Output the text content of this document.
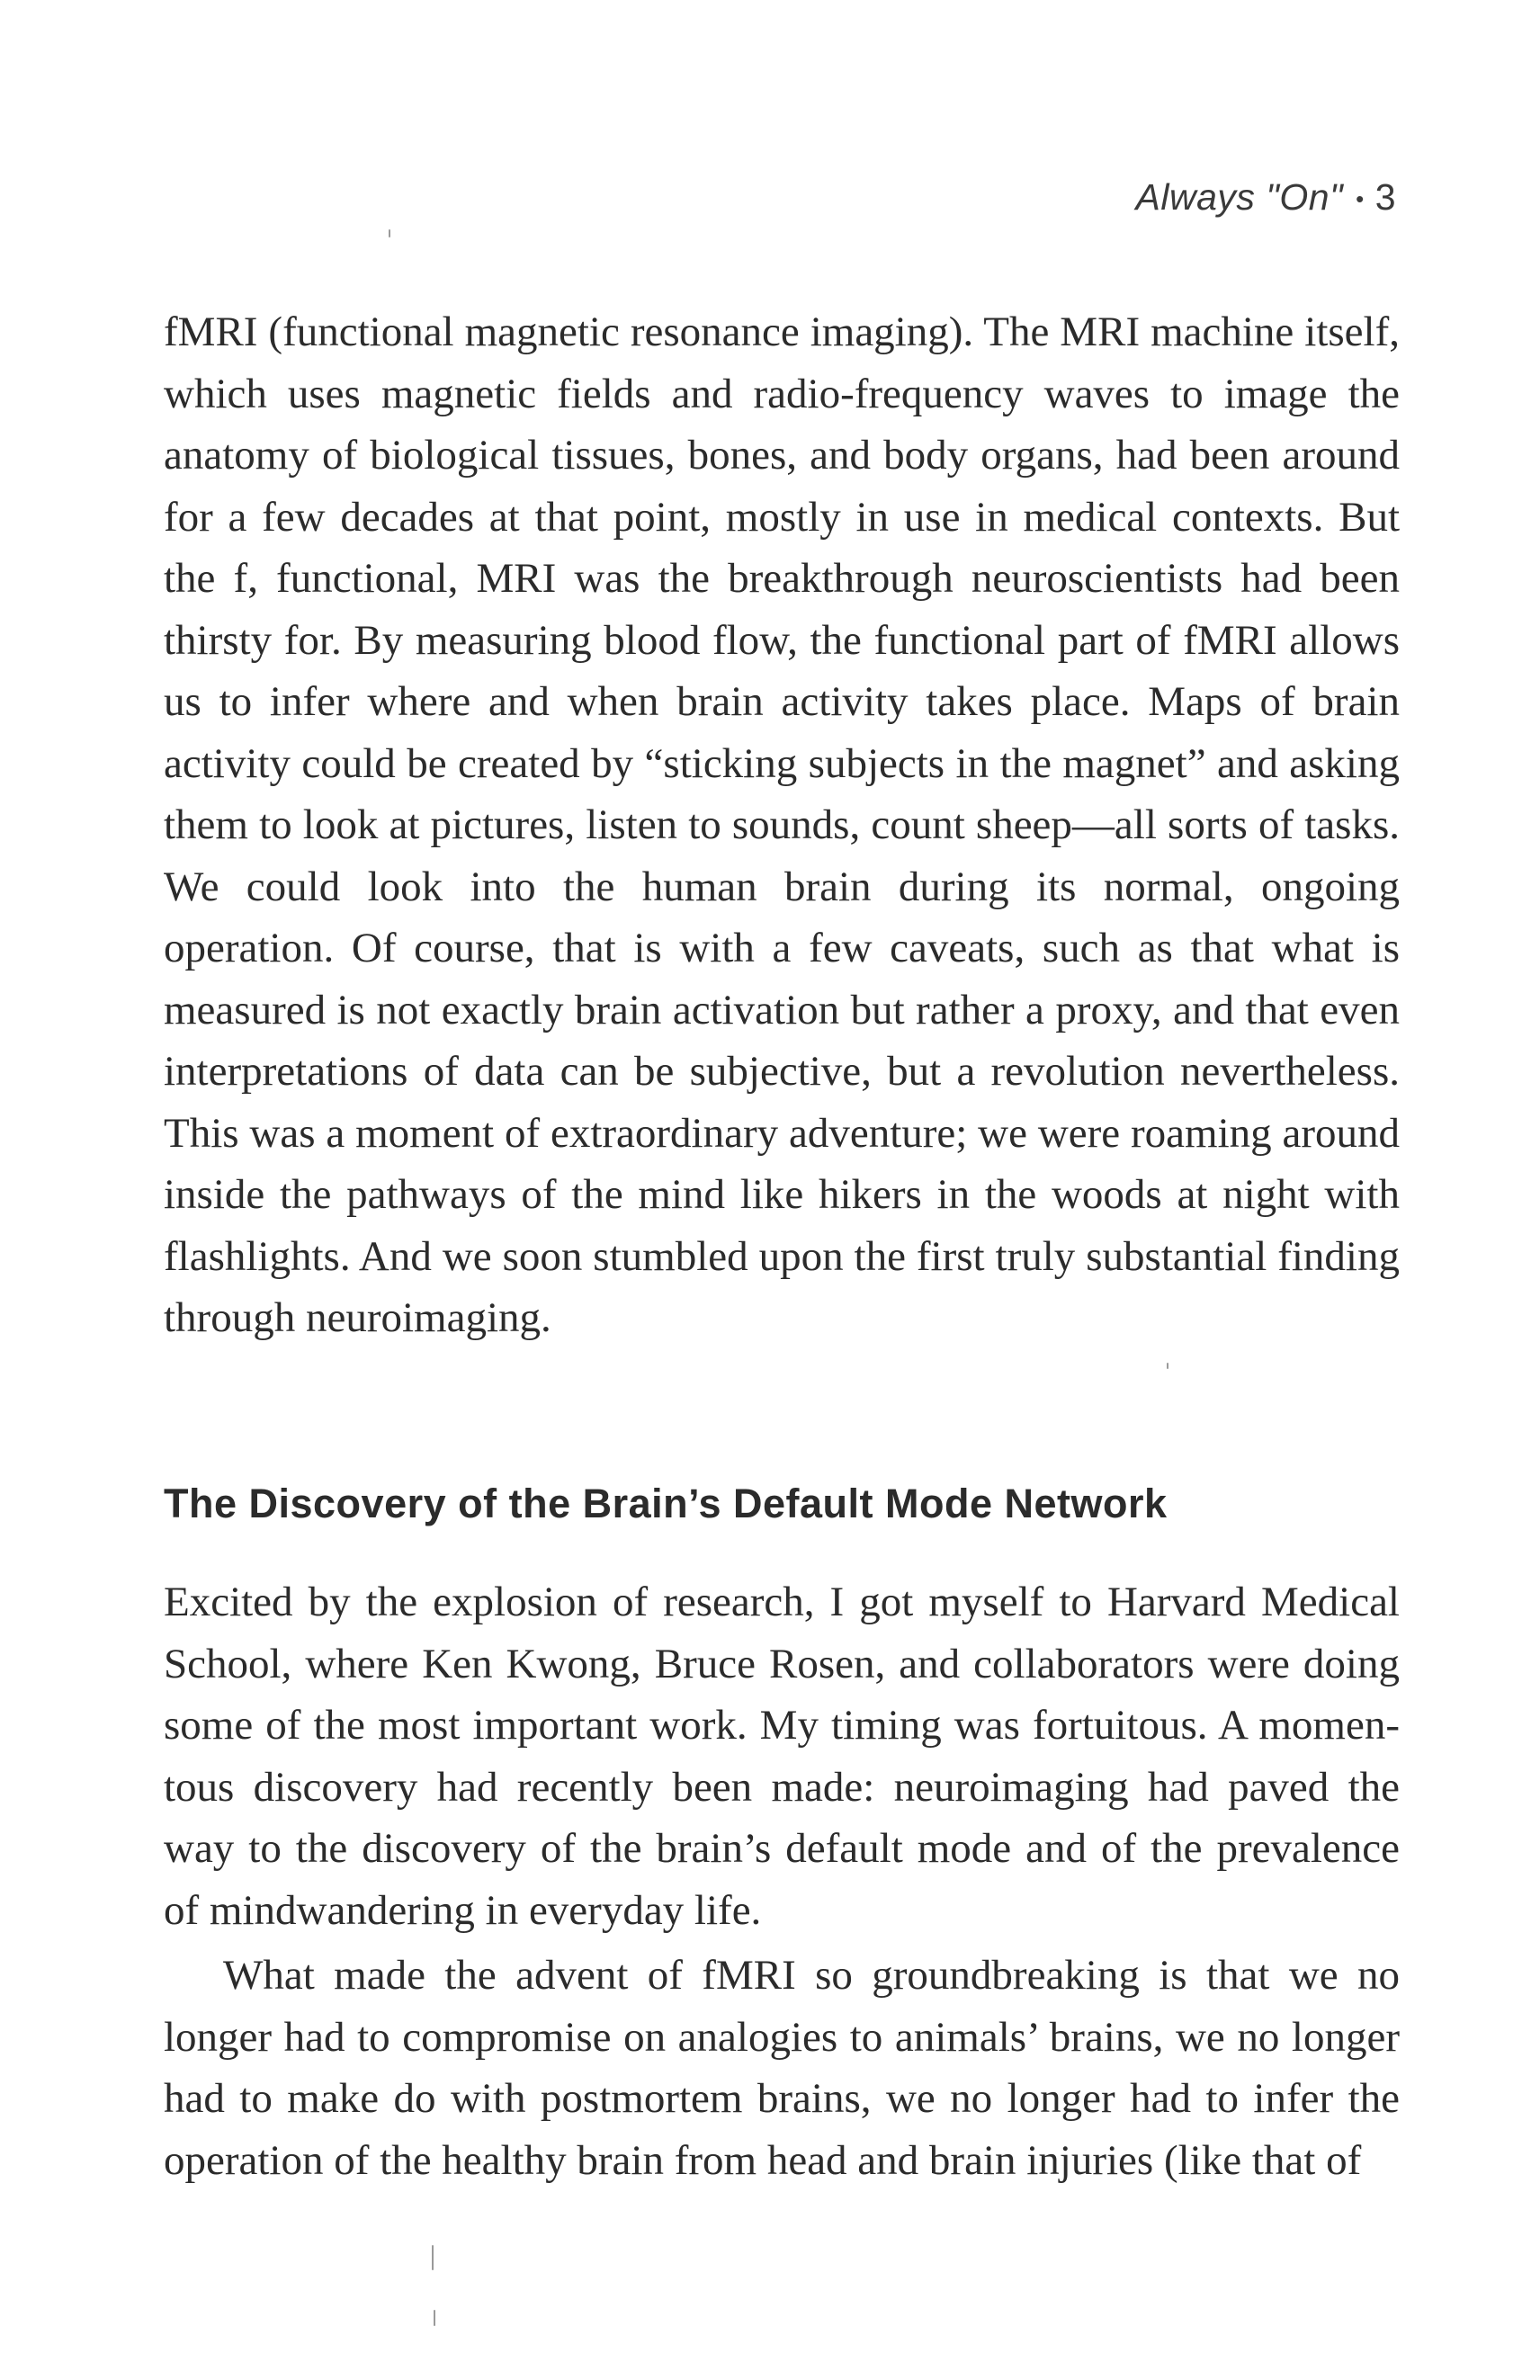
Always "On" • 3

fMRI (functional magnetic resonance imaging). The MRI machine itself, which uses magnetic fields and radio-frequency waves to image the anatomy of biological tissues, bones, and body organs, had been around for a few decades at that point, mostly in use in medical contexts. But the f, functional, MRI was the breakthrough neuroscientists had been thirsty for. By measuring blood flow, the functional part of fMRI allows us to infer where and when brain activity takes place. Maps of brain activity could be created by “sticking subjects in the magnet” and asking them to look at pictures, listen to sounds, count sheep—all sorts of tasks. We could look into the human brain during its normal, ongoing operation. Of course, that is with a few caveats, such as that what is measured is not exactly brain activation but rather a proxy, and that even interpretations of data can be subjective, but a revolution nevertheless. This was a moment of extraordinary adventure; we were roaming around inside the pathways of the mind like hikers in the woods at night with flashlights. And we soon stumbled upon the first truly substantial finding through neuroimaging.

The Discovery of the Brain’s Default Mode Network

Excited by the explosion of research, I got myself to Harvard Medical School, where Ken Kwong, Bruce Rosen, and collaborators were doing some of the most important work. My timing was fortuitous. A momentous discovery had recently been made: neuroimaging had paved the way to the discovery of the brain’s default mode and of the prevalence of mindwandering in everyday life.

What made the advent of fMRI so groundbreaking is that we no longer had to compromise on analogies to animals’ brains, we no longer had to make do with postmortem brains, we no longer had to infer the operation of the healthy brain from head and brain injuries (like that of
